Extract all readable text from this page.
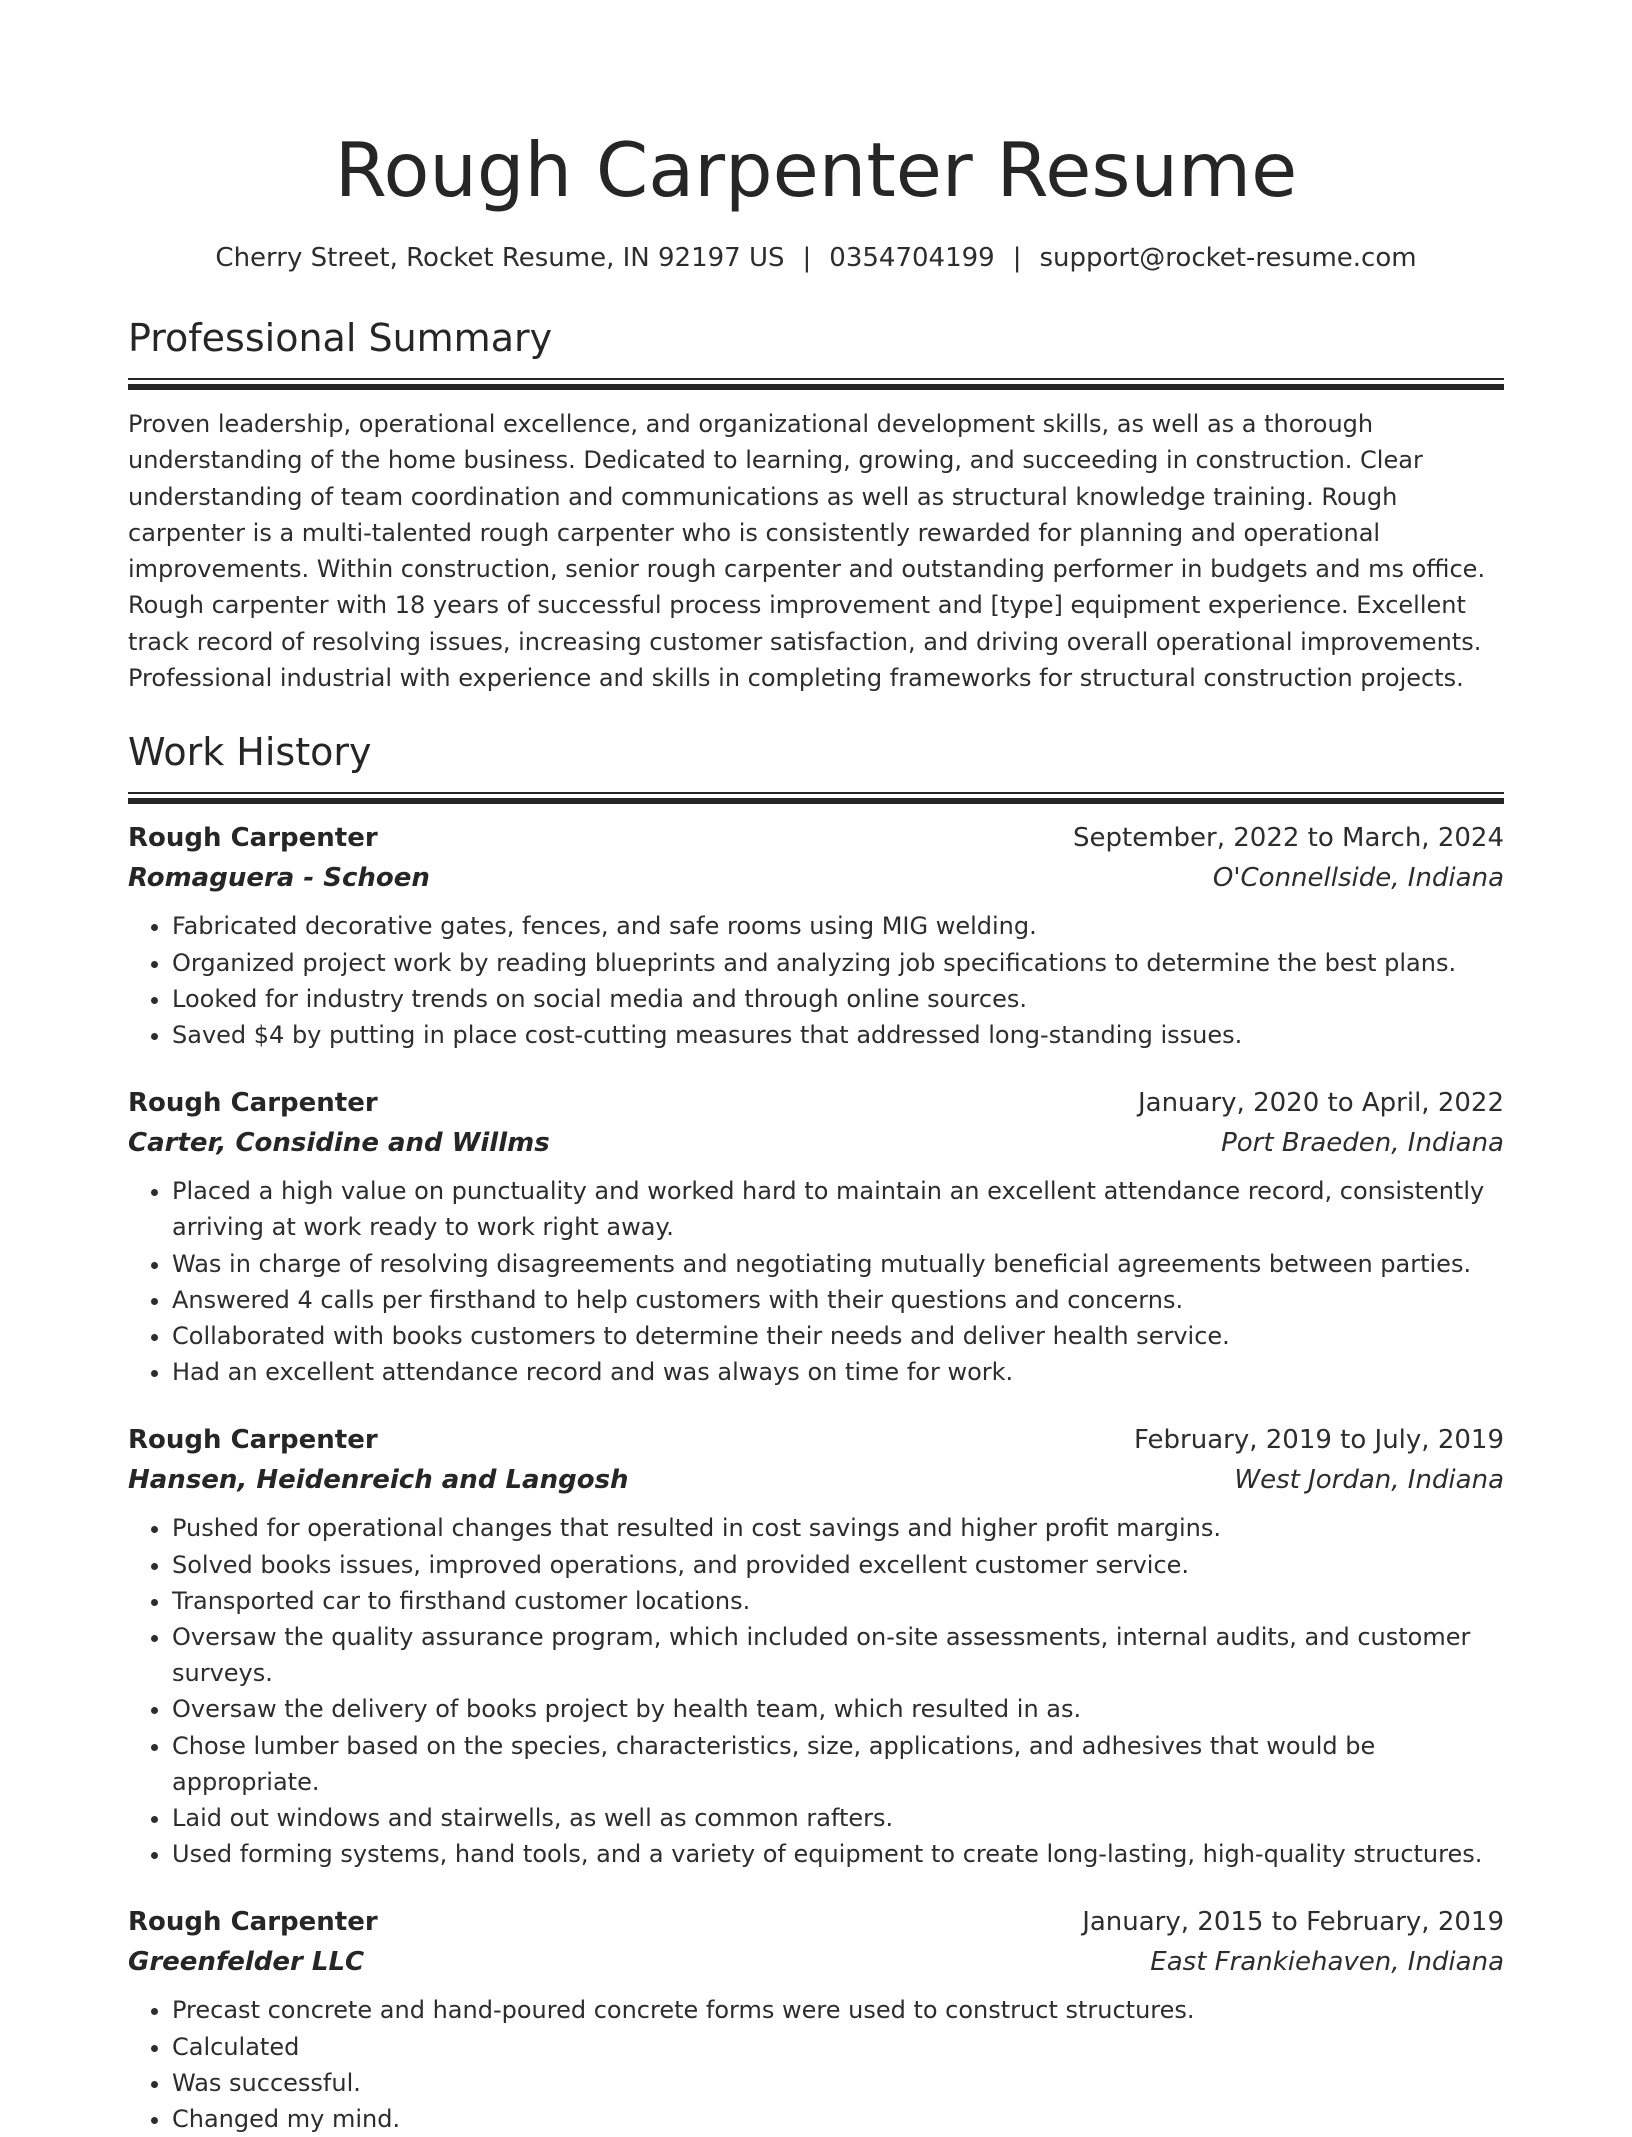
Rough Carpenter Resume
Cherry Street, Rocket Resume, IN 92197 US | 0354704199 | support@rocket-resume.com
Professional Summary

Proven leadership, operational excellence, and organizational development skills, as well as a thorough understanding of the home business. Dedicated to learning, growing, and succeeding in construction. Clear understanding of team coordination and communications as well as structural knowledge training. Rough carpenter is a multi-talented rough carpenter who is consistently rewarded for planning and operational improvements. Within construction, senior rough carpenter and outstanding performer in budgets and ms office. Rough carpenter with 18 years of successful process improvement and [type] equipment experience. Excellent track record of resolving issues, increasing customer satisfaction, and driving overall operational improvements. Professional industrial with experience and skills in completing frameworks for structural construction projects.

Work History
Rough Carpenter	September, 2022 to March, 2024
Romaguera - Schoen	O'Connellside, Indiana
• Fabricated decorative gates, fences, and safe rooms using MIG welding.
• Organized project work by reading blueprints and analyzing job specifications to determine the best plans.
• Looked for industry trends on social media and through online sources.
• Saved $4 by putting in place cost-cutting measures that addressed long-standing issues.
Rough Carpenter	January, 2020 to April, 2022
Carter, Considine and Willms	Port Braeden, Indiana
• Placed a high value on punctuality and worked hard to maintain an excellent attendance record, consistently arriving at work ready to work right away.
• Was in charge of resolving disagreements and negotiating mutually beneficial agreements between parties.
• Answered 4 calls per firsthand to help customers with their questions and concerns.
• Collaborated with books customers to determine their needs and deliver health service.
• Had an excellent attendance record and was always on time for work.
Rough Carpenter	February, 2019 to July, 2019
Hansen, Heidenreich and Langosh	West Jordan, Indiana
• Pushed for operational changes that resulted in cost savings and higher profit margins.
• Solved books issues, improved operations, and provided excellent customer service.
• Transported car to firsthand customer locations.
• Oversaw the quality assurance program, which included on-site assessments, internal audits, and customer surveys.
• Oversaw the delivery of books project by health team, which resulted in as.
• Chose lumber based on the species, characteristics, size, applications, and adhesives that would be appropriate.
• Laid out windows and stairwells, as well as common rafters.
• Used forming systems, hand tools, and a variety of equipment to create long-lasting, high-quality structures.
Rough Carpenter	January, 2015 to February, 2019
Greenfelder LLC	East Frankiehaven, Indiana
• Precast concrete and hand-poured concrete forms were used to construct structures.
• Calculated
• Was successful.
• Changed my mind.
